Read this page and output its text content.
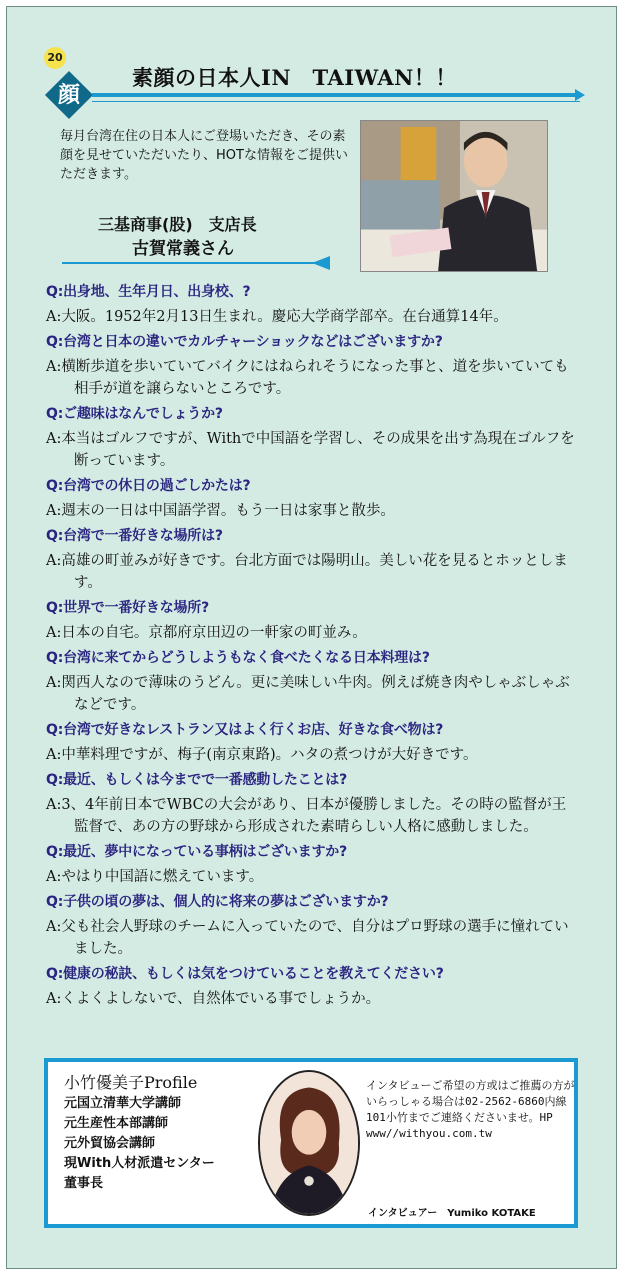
20
顔
素顔の日本人IN　TAIWAN！！
毎月台湾在住の日本人にご登場いただき、その素顔を見せていただいたり、HOTな情報をご提供いただきます。
三基商事(股)　支店長
古賀常義さん
Q:出身地、生年月日、出身校、?
A:大阪。1952年2月13日生まれ。慶応大学商学部卒。在台通算14年。
Q:台湾と日本の違いでカルチャーショックなどはございますか?
A:横断歩道を歩いていてバイクにはねられそうになった事と、道を歩いていても相手が道を譲らないところです。
Q:ご趣味はなんでしょうか?
A:本当はゴルフですが、Withで中国語を学習し、その成果を出す為現在ゴルフを断っています。
Q:台湾での休日の過ごしかたは?
A:週末の一日は中国語学習。もう一日は家事と散歩。
Q:台湾で一番好きな場所は?
A:高雄の町並みが好きです。台北方面では陽明山。美しい花を見るとホッとします。
Q:世界で一番好きな場所?
A:日本の自宅。京都府京田辺の一軒家の町並み。
Q:台湾に来てからどうしようもなく食べたくなる日本料理は?
A:関西人なので薄味のうどん。更に美味しい牛肉。例えば焼き肉やしゃぶしゃぶなどです。
Q:台湾で好きなレストラン又はよく行くお店、好きな食べ物は?
A:中華料理ですが、梅子(南京東路)。ハタの煮つけが大好きです。
Q:最近、もしくは今までで一番感動したことは?
A:3、4年前日本でWBCの大会があり、日本が優勝しました。その時の監督が王監督で、あの方の野球から形成された素晴らしい人格に感動しました。
Q:最近、夢中になっている事柄はございますか?
A:やはり中国語に燃えています。
Q:子供の頃の夢は、個人的に将来の夢はございますか?
A:父も社会人野球のチームに入っていたので、自分はプロ野球の選手に憧れていました。
Q:健康の秘訣、もしくは気をつけていることを教えてください?
A:くよくよしないで、自然体でいる事でしょうか。
小竹優美子Profile
元国立清華大学講師
元生産性本部講師
元外貿協会講師
現With人材派遣センター
董事長
インタビューご希望の方或はご推薦の方がいらっしゃる場合は02-2562-6860内線101小竹までご連絡くださいませ。HP　www//withyou.com.tw
インタビュアー　Yumiko KOTAKE
